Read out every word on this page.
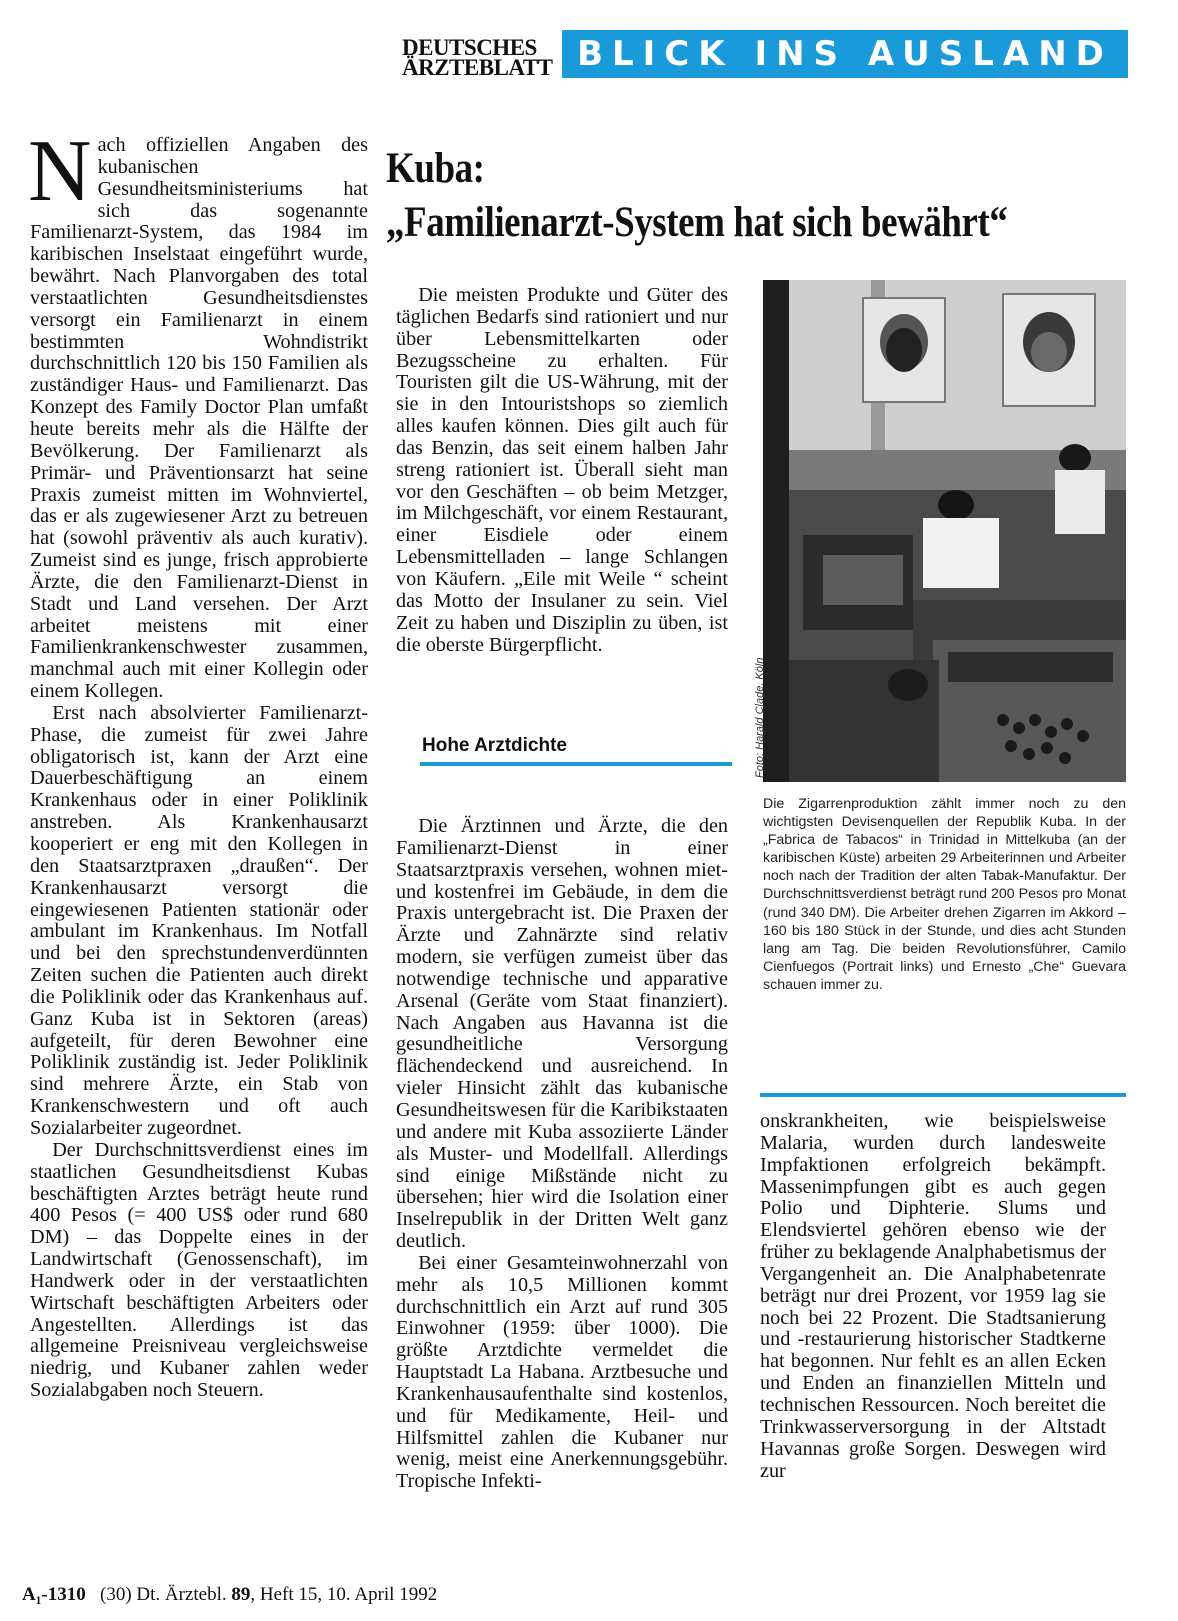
DEUTSCHES
ÄRZTEBLATT BLICK INS AUSLAND

Nach offiziellen Angaben des kubanischen Gesundheitsministeriums hat sich das sogenannte Familienarzt-System, das 1984 im karibischen Inselstaat eingeführt wurde, bewährt. Nach Planvorgaben des total verstaatlichten Gesundheitsdienstes versorgt ein Familienarzt in einem bestimmten Wohndistrikt durchschnittlich 120 bis 150 Familien als zuständiger Haus- und Familienarzt. Das Konzept des Family Doctor Plan umfaßt heute bereits mehr als die Hälfte der Bevölkerung. Der Familienarzt als Primär- und Präventionsarzt hat seine Praxis zumeist mitten im Wohnviertel, das er als zugewiesener Arzt zu betreuen hat (sowohl präventiv als auch kurativ). Zumeist sind es junge, frisch approbierte Ärzte, die den Familienarzt-Dienst in Stadt und Land versehen. Der Arzt arbeitet meistens mit einer Familienkrankenschwester zusammen, manchmal auch mit einer Kollegin oder einem Kollegen.

Erst nach absolvierter Familienarzt-Phase, die zumeist für zwei Jahre obligatorisch ist, kann der Arzt eine Dauerbeschäftigung an einem Krankenhaus oder in einer Poliklinik anstreben. Als Krankenhausarzt kooperiert er eng mit den Kollegen in den Staatsarztpraxen „draußen“. Der Krankenhausarzt versorgt die eingewiesenen Patienten stationär oder ambulant im Krankenhaus. Im Notfall und bei den sprechstundenverdünnten Zeiten suchen die Patienten auch direkt die Poliklinik oder das Krankenhaus auf. Ganz Kuba ist in Sektoren (areas) aufgeteilt, für deren Bewohner eine Poliklinik zuständig ist. Jeder Poliklinik sind mehrere Ärzte, ein Stab von Krankenschwestern und oft auch Sozialarbeiter zugeordnet.

Der Durchschnittsverdienst eines im staatlichen Gesundheitsdienst Kubas beschäftigten Arztes beträgt heute rund 400 Pesos (= 400 US$ oder rund 680 DM) – das Doppelte eines in der Landwirtschaft (Genossenschaft), im Handwerk oder in der verstaatlichten Wirtschaft beschäftigten Arbeiters oder Angestellten. Allerdings ist das allgemeine Preisniveau vergleichsweise niedrig, und Kubaner zahlen weder Sozialabgaben noch Steuern.

Kuba:
„Familienarzt-System hat sich bewährt“

Die meisten Produkte und Güter des täglichen Bedarfs sind rationiert und nur über Lebensmittelkarten oder Bezugsscheine zu erhalten. Für Touristen gilt die US-Währung, mit der sie in den Intouristshops so ziemlich alles kaufen können. Dies gilt auch für das Benzin, das seit einem halben Jahr streng rationiert ist. Überall sieht man vor den Geschäften – ob beim Metzger, im Milchgeschäft, vor einem Restaurant, einer Eisdiele oder einem Lebensmittelladen – lange Schlangen von Käufern. „Eile mit Weile “ scheint das Motto der Insulaner zu sein. Viel Zeit zu haben und Disziplin zu üben, ist die oberste Bürgerpflicht.

Hohe Arztdichte

Die Ärztinnen und Ärzte, die den Familienarzt-Dienst in einer Staatsarztpraxis versehen, wohnen miet- und kostenfrei im Gebäude, in dem die Praxis untergebracht ist. Die Praxen der Ärzte und Zahnärzte sind relativ modern, sie verfügen zumeist über das notwendige technische und apparative Arsenal (Geräte vom Staat finanziert). Nach Angaben aus Havanna ist die gesundheitliche Versorgung flächendeckend und ausreichend. In vieler Hinsicht zählt das kubanische Gesundheitswesen für die Karibikstaaten und andere mit Kuba assoziierte Länder als Muster- und Modellfall. Allerdings sind einige Mißstände nicht zu übersehen; hier wird die Isolation einer Inselrepublik in der Dritten Welt ganz deutlich.

Bei einer Gesamteinwohnerzahl von mehr als 10,5 Millionen kommt durchschnittlich ein Arzt auf rund 305 Einwohner (1959: über 1000). Die größte Arztdichte vermeldet die Hauptstadt La Habana. Arztbesuche und Krankenhausaufenthalte sind kostenlos, und für Medikamente, Heil- und Hilfsmittel zahlen die Kubaner nur wenig, meist eine Anerkennungsgebühr. Tropische Infekti-

Foto: Harald Clade, Köln
Die Zigarrenproduktion zählt immer noch zu den wichtigsten Devisenquellen der Republik Kuba. In der „Fabrica de Tabacos“ in Trinidad in Mittelkuba (an der karibischen Küste) arbeiten 29 Arbeiterinnen und Arbeiter noch nach der Tradition der alten Tabak-Manufaktur. Der Durchschnittsverdienst beträgt rund 200 Pesos pro Monat (rund 340 DM). Die Arbeiter drehen Zigarren im Akkord – 160 bis 180 Stück in der Stunde, und dies acht Stunden lang am Tag. Die beiden Revolutionsführer, Camilo Cienfuegos (Portrait links) und Ernesto „Che“ Guevara schauen immer zu.

onskrankheiten, wie beispielsweise Malaria, wurden durch landesweite Impfaktionen erfolgreich bekämpft. Massenimpfungen gibt es auch gegen Polio und Diphterie. Slums und Elendsviertel gehören ebenso wie der früher zu beklagende Analphabetismus der Vergangenheit an. Die Analphabetenrate beträgt nur drei Prozent, vor 1959 lag sie noch bei 22 Prozent. Die Stadtsanierung und -restaurierung historischer Stadtkerne hat begonnen. Nur fehlt es an allen Ecken und Enden an finanziellen Mitteln und technischen Ressourcen. Noch bereitet die Trinkwasserversorgung in der Altstadt Havannas große Sorgen. Deswegen wird zur

A₁-1310 (30) Dt. Ärztebl. 89, Heft 15, 10. April 1992
